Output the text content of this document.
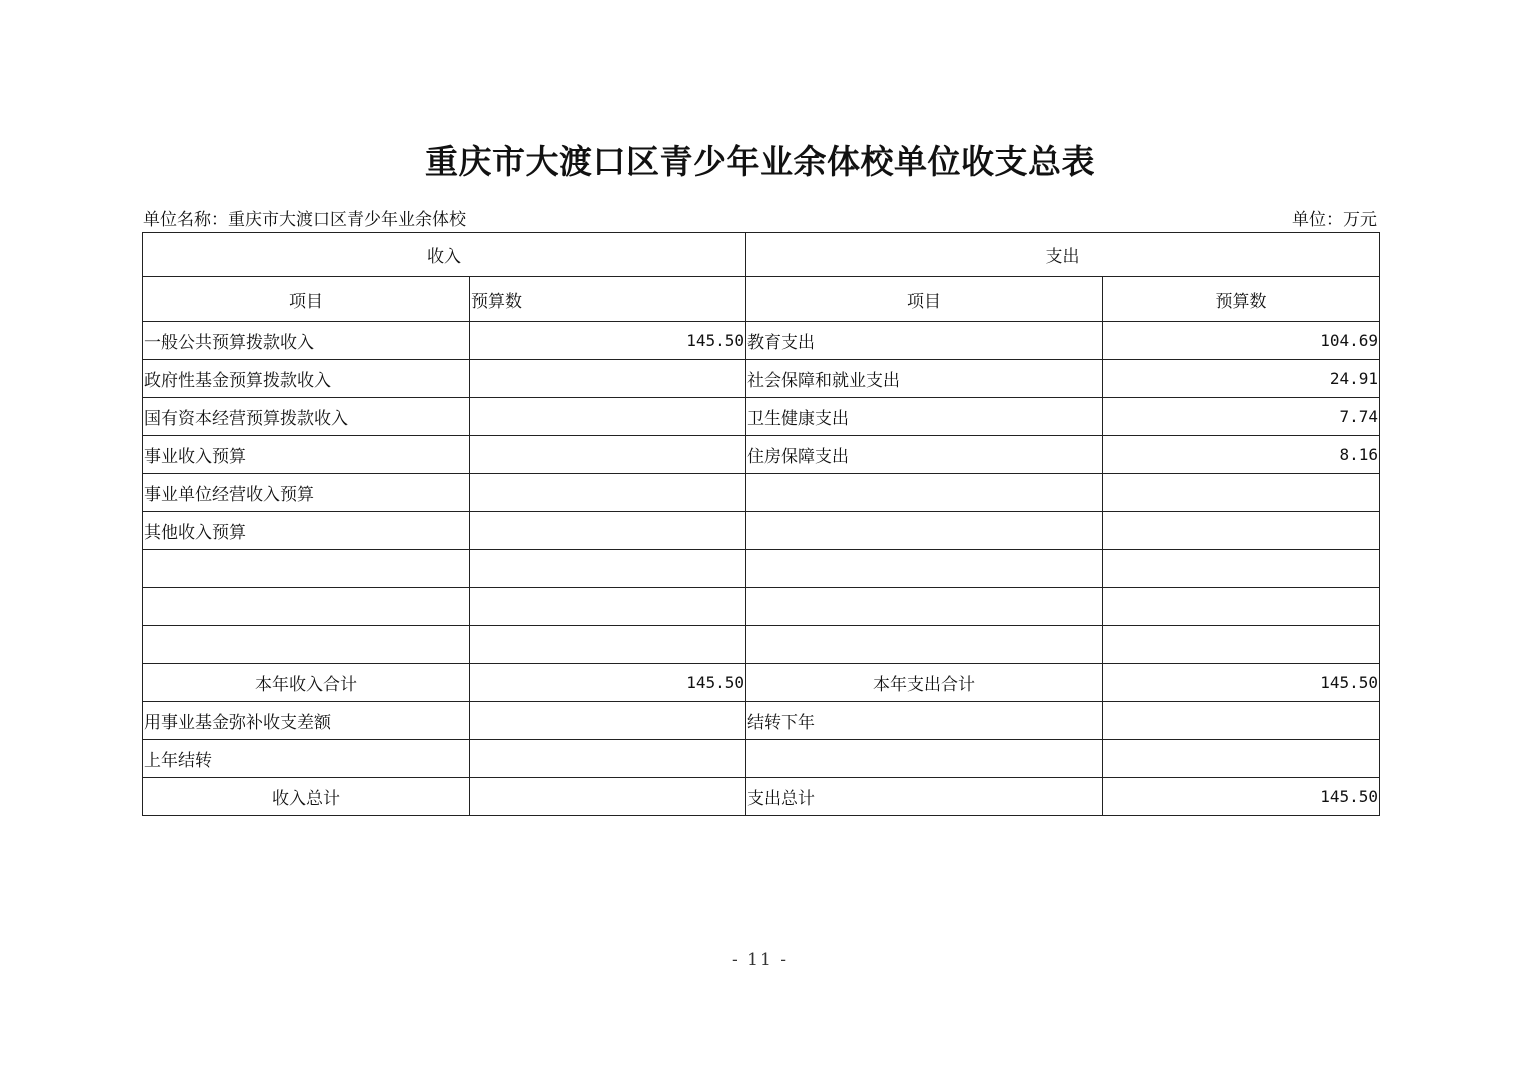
重庆市大渡口区青少年业余体校单位收支总表
单位名称：重庆市大渡口区青少年业余体校	单位：万元
收入		支出	
项目	预算数	项目	预算数
一般公共预算拨款收入	145.50	教育支出	104.69
政府性基金预算拨款收入		社会保障和就业支出	24.91
国有资本经营预算拨款收入		卫生健康支出	7.74
事业收入预算		住房保障支出	8.16
事业单位经营收入预算			
其他收入预算			

本年收入合计	145.50	本年支出合计	145.50
用事业基金弥补收支差额		结转下年	
上年结转			
收入总计		支出总计	145.50
- 11 -
